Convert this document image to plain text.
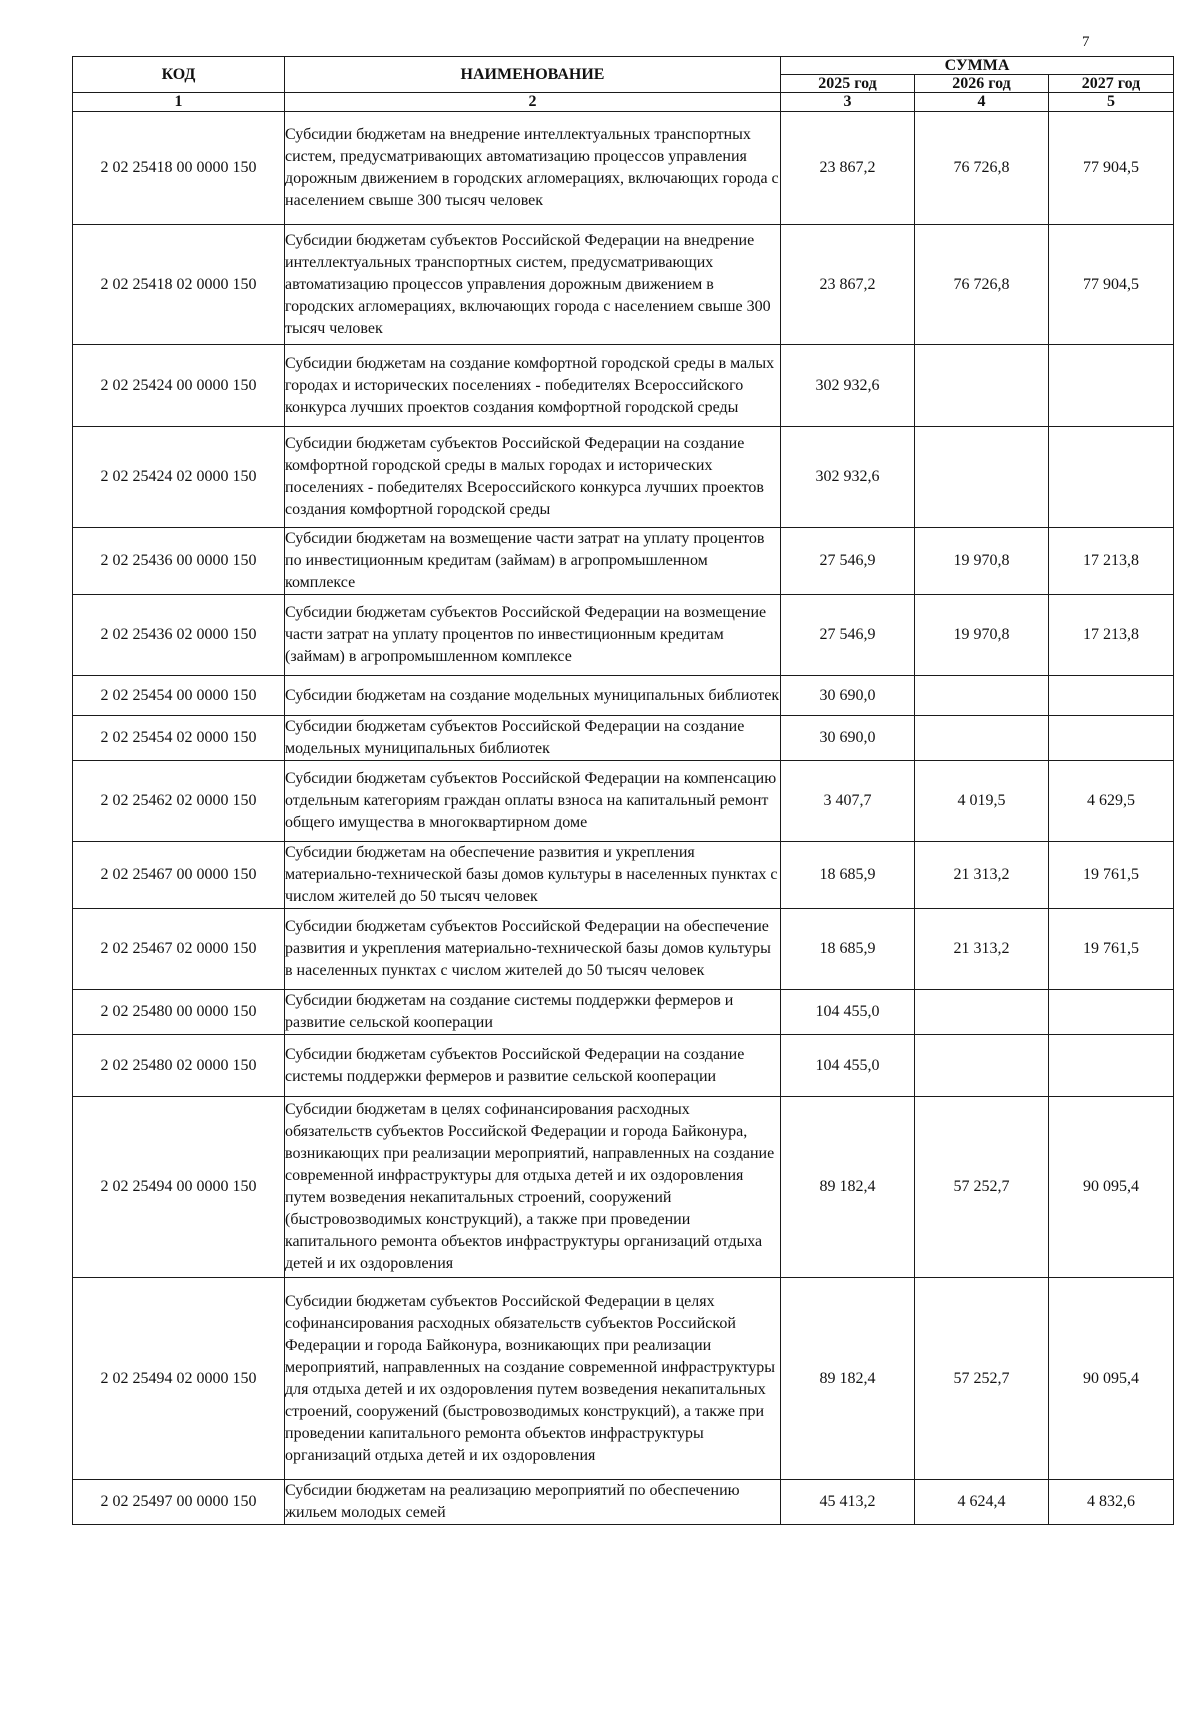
7
КОД	НАИМЕНОВАНИЕ	СУММА		
		2025 год	2026 год	2027 год
1	2	3	4	5
2 02 25418 00 0000 150	Субсидии бюджетам на внедрение интеллектуальных транспортных систем, предусматривающих автоматизацию процессов управления дорожным движением в городских агломерациях, включающих города с населением свыше 300 тысяч человек	23 867,2	76 726,8	77 904,5
2 02 25418 02 0000 150	Субсидии бюджетам субъектов Российской Федерации на внедрение интеллектуальных транспортных систем, предусматривающих автоматизацию процессов управления дорожным движением в городских агломерациях, включающих города с населением свыше 300 тысяч человек	23 867,2	76 726,8	77 904,5
2 02 25424 00 0000 150	Субсидии бюджетам на создание комфортной городской среды в малых городах и исторических поселениях - победителях Всероссийского конкурса лучших проектов создания комфортной городской среды	302 932,6		
2 02 25424 02 0000 150	Субсидии бюджетам субъектов Российской Федерации на создание комфортной городской среды в малых городах и исторических поселениях - победителях Всероссийского конкурса лучших проектов создания комфортной городской среды	302 932,6		
2 02 25436 00 0000 150	Субсидии бюджетам на возмещение части затрат на уплату процентов по инвестиционным кредитам (займам) в агропромышленном комплексе	27 546,9	19 970,8	17 213,8
2 02 25436 02 0000 150	Субсидии бюджетам субъектов Российской Федерации на возмещение части затрат на уплату процентов по инвестиционным кредитам (займам) в агропромышленном комплексе	27 546,9	19 970,8	17 213,8
2 02 25454 00 0000 150	Субсидии бюджетам на создание модельных муниципальных библиотек	30 690,0		
2 02 25454 02 0000 150	Субсидии бюджетам субъектов Российской Федерации на создание модельных муниципальных библиотек	30 690,0		
2 02 25462 02 0000 150	Субсидии бюджетам субъектов Российской Федерации на компенсацию отдельным категориям граждан оплаты взноса на капитальный ремонт общего имущества в многоквартирном доме	3 407,7	4 019,5	4 629,5
2 02 25467 00 0000 150	Субсидии бюджетам на обеспечение развития и укрепления материально-технической базы домов культуры в населенных пунктах с числом жителей до 50 тысяч человек	18 685,9	21 313,2	19 761,5
2 02 25467 02 0000 150	Субсидии бюджетам субъектов Российской Федерации на обеспечение развития и укрепления материально-технической базы домов культуры в населенных пунктах с числом жителей до 50 тысяч человек	18 685,9	21 313,2	19 761,5
2 02 25480 00 0000 150	Субсидии бюджетам на создание системы поддержки фермеров и развитие сельской кооперации	104 455,0		
2 02 25480 02 0000 150	Субсидии бюджетам субъектов Российской Федерации на создание системы поддержки фермеров и развитие сельской кооперации	104 455,0		
2 02 25494 00 0000 150	Субсидии бюджетам в целях софинансирования расходных обязательств субъектов Российской Федерации и города Байконура, возникающих при реализации мероприятий, направленных на создание современной инфраструктуры для отдыха детей и их оздоровления путем возведения некапитальных строений, сооружений (быстровозводимых конструкций), а также при проведении капитального ремонта объектов инфраструктуры организаций отдыха детей и их оздоровления	89 182,4	57 252,7	90 095,4
2 02 25494 02 0000 150	Субсидии бюджетам субъектов Российской Федерации в целях софинансирования расходных обязательств субъектов Российской Федерации и города Байконура, возникающих при реализации мероприятий, направленных на создание современной инфраструктуры для отдыха детей и их оздоровления путем возведения некапитальных строений, сооружений (быстровозводимых конструкций), а также при проведении капитального ремонта объектов инфраструктуры организаций отдыха детей и их оздоровления	89 182,4	57 252,7	90 095,4
2 02 25497 00 0000 150	Субсидии бюджетам на реализацию мероприятий по обеспечению жильем молодых семей	45 413,2	4 624,4	4 832,6
